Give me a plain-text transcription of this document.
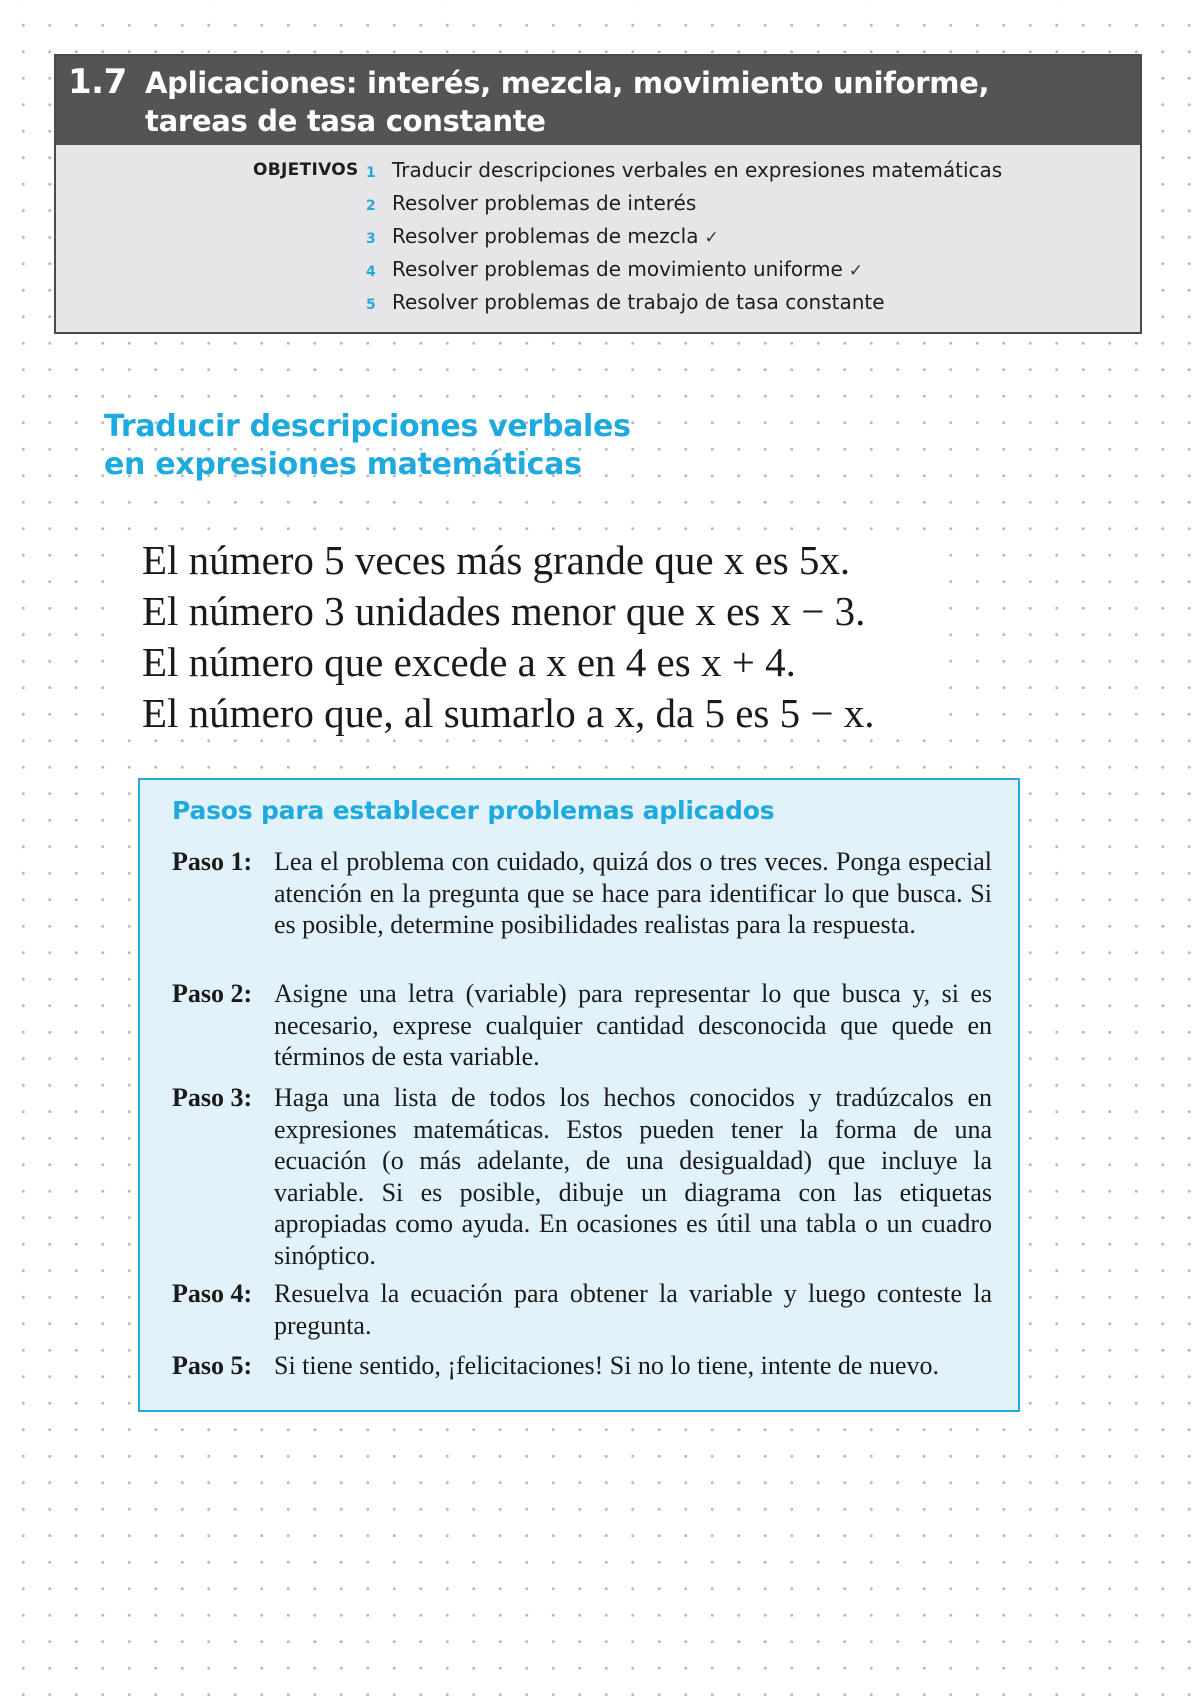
1.7 Aplicaciones: interés, mezcla, movimiento uniforme,
tareas de tasa constante
OBJETIVOS 1 Traducir descripciones verbales en expresiones matemáticas
2 Resolver problemas de interés
3 Resolver problemas de mezcla ✓
4 Resolver problemas de movimiento uniforme ✓
5 Resolver problemas de trabajo de tasa constante
Traducir descripciones verbales
en expresiones matemáticas
El número 5 veces más grande que x es 5x.
El número 3 unidades menor que x es x − 3.
El número que excede a x en 4 es x + 4.
El número que, al sumarlo a x, da 5 es 5 − x.
Pasos para establecer problemas aplicados
Paso 1: Lea el problema con cuidado, quizá dos o tres veces. Ponga especial atención en la pregunta que se hace para identificar lo que busca. Si es posible, determine posibilidades realistas para la respuesta.
Paso 2: Asigne una letra (variable) para representar lo que busca y, si es necesario, exprese cualquier cantidad desconocida que quede en términos de esta variable.
Paso 3: Haga una lista de todos los hechos conocidos y tradúzcalos en expresiones matemáticas. Estos pueden tener la forma de una ecuación (o más adelante, de una desigualdad) que incluye la variable. Si es posible, dibuje un diagrama con las etiquetas apropiadas como ayuda. En ocasiones es útil una tabla o un cuadro sinóptico.
Paso 4: Resuelva la ecuación para obtener la variable y luego conteste la pregunta.
Paso 5: Si tiene sentido, ¡felicitaciones! Si no lo tiene, intente de nuevo.
